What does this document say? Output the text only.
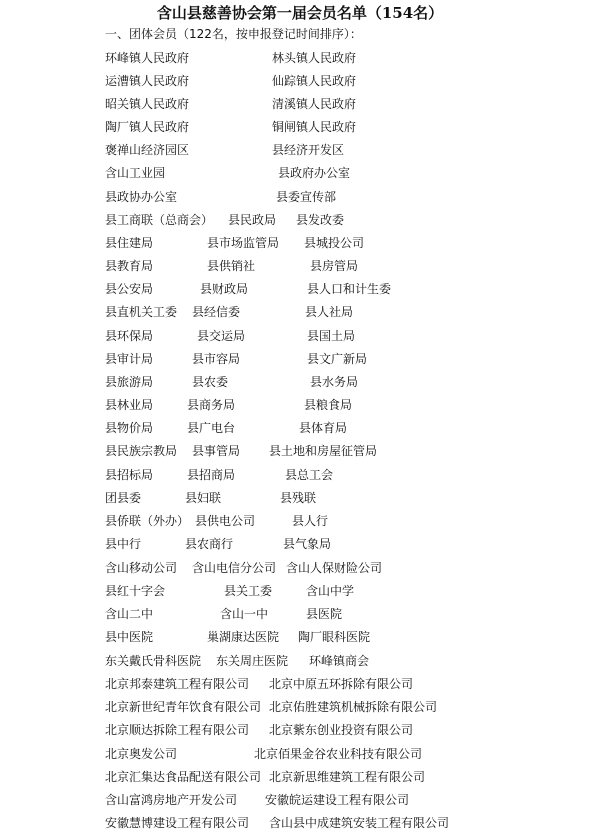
含山县慈善协会第一届会员名单（154名）
一、团体会员（122名，按申报登记时间排序）：
环峰镇人民政府	林头镇人民政府
运漕镇人民政府	仙踪镇人民政府
昭关镇人民政府	清溪镇人民政府
陶厂镇人民政府	铜闸镇人民政府
褒禅山经济园区	县经济开发区
含山工业园	县政府办公室
县政协办公室	县委宣传部
县工商联（总商会） 县民政局 县发改委
县住建局	县市场监管局 县城投公司
县教育局	县供销社	县房管局
县公安局	县财政局	县人口和计生委
县直机关工委 县经信委	县人社局
县环保局	县交运局	县国土局
县审计局	县市容局	县文广新局
县旅游局	县农委	县水务局
县林业局	县商务局	县粮食局
县物价局	县广电台	县体育局
县民族宗教局 县事管局 县土地和房屋征管局
县招标局	县招商局	县总工会
团县委	县妇联	县残联
县侨联（外办） 县供电公司	县人行
县中行	县农商行	县气象局
含山移动公司 含山电信分公司 含山人保财险公司
县红十字会	县关工委	含山中学
含山二中	含山一中	县医院
县中医院	巢湖康达医院 陶厂眼科医院
东关戴氏骨科医院 东关周庄医院 环峰镇商会
北京邦泰建筑工程有限公司 北京中原五环拆除有限公司
北京新世纪青年饮食有限公司 北京佑胜建筑机械拆除有限公司
北京顺达拆除工程有限公司 北京紫东创业投资有限公司
北京奥发公司	北京佰果金谷农业科技有限公司
北京汇集达食品配送有限公司 北京新思维建筑工程有限公司
含山富鸿房地产开发公司 安徽皖运建设工程有限公司
安徽慧博建设工程有限公司 含山县中成建筑安装工程有限公司
